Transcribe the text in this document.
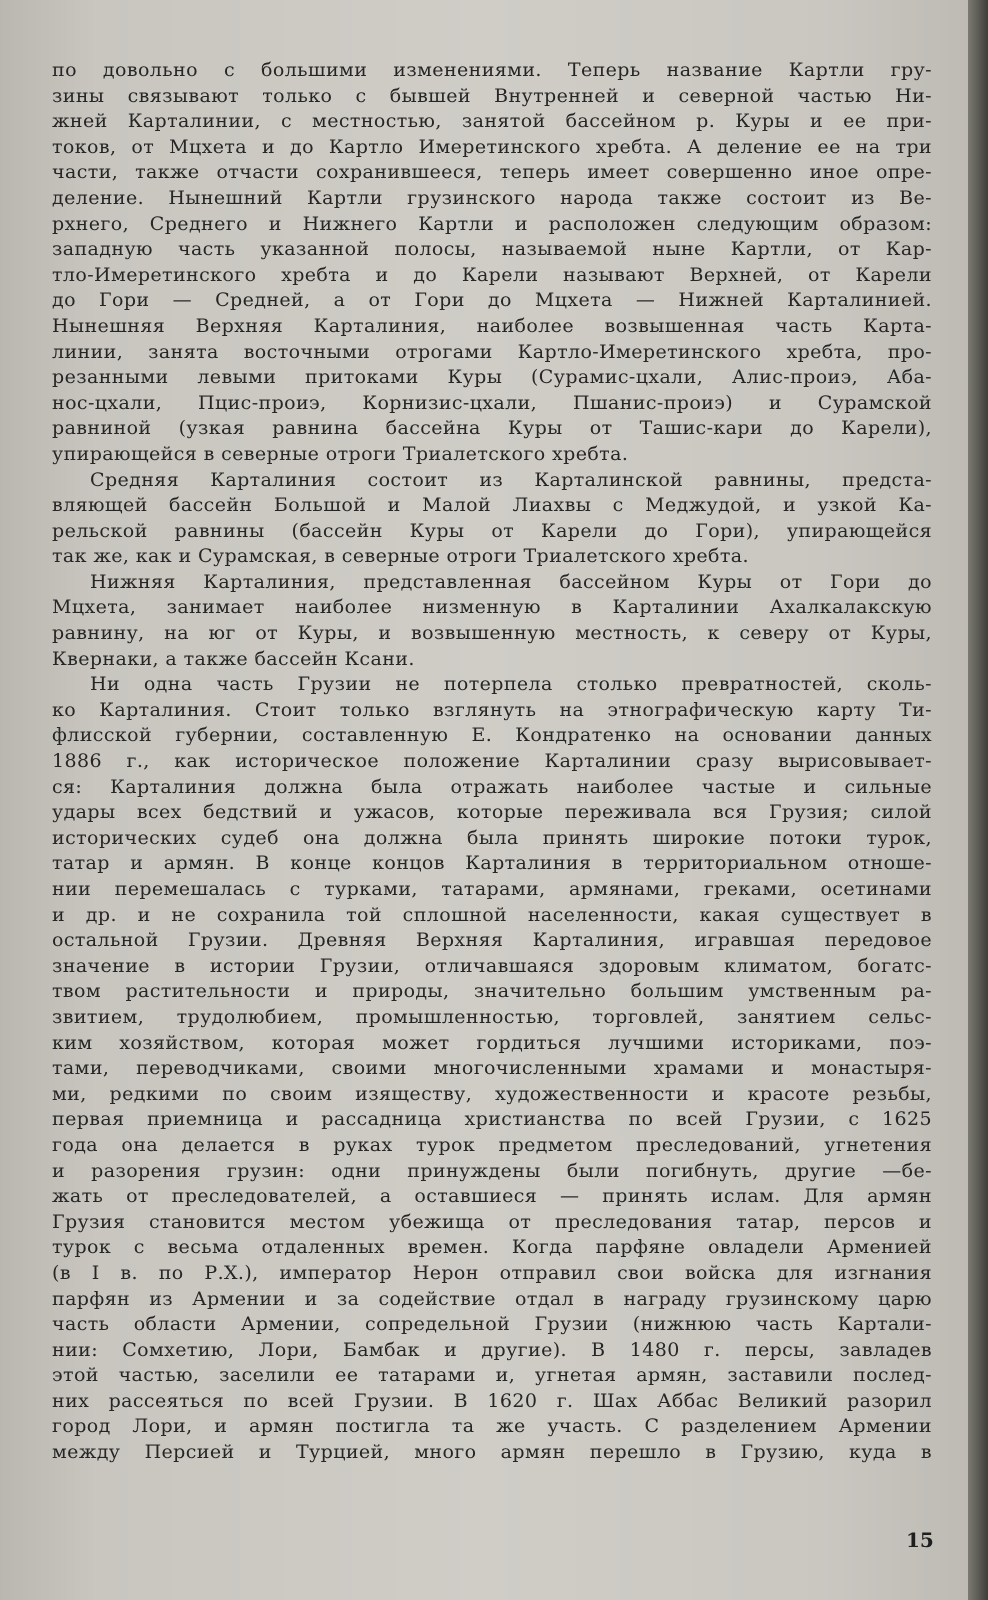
по довольно с большими изменениями. Теперь название Картли гру-
зины связывают только с бывшей Внутренней и северной частью Ни-
жней Карталинии, с местностью, занятой бассейном р. Куры и ее при-
токов, от Мцхета и до Картло Имеретинского хребта. А деление ее на три
части, также отчасти сохранившееся, теперь имеет совершенно иное опре-
деление. Нынешний Картли грузинского народа также состоит из Ве-
рхнего, Среднего и Нижнего Картли и расположен следующим образом:
западную часть указанной полосы, называемой ныне Картли, от Кар-
тло-Имеретинского хребта и до Карели называют Верхней, от Карели
до Гори — Средней, а от Гори до Мцхета — Нижней Карталинией.
Нынешняя Верхняя Карталиния, наиболее возвышенная часть Карта-
линии, занята восточными отрогами Картло-Имеретинского хребта, про-
резанными левыми притоками Куры (Сурамис-цхали, Алис-проиэ, Аба-
нос-цхали, Пцис-проиэ, Корнизис-цхали, Пшанис-проиэ) и Сурамской
равниной (узкая равнина бассейна Куры от Ташис-кари до Карели),
упирающейся в северные отроги Триалетского хребта.
Средняя Карталиния состоит из Карталинской равнины, предста-
вляющей бассейн Большой и Малой Лиахвы с Меджудой, и узкой Ка-
рельской равнины (бассейн Куры от Карели до Гори), упирающейся
так же, как и Сурамская, в северные отроги Триалетского хребта.
Нижняя Карталиния, представленная бассейном Куры от Гори до
Мцхета, занимает наиболее низменную в Карталинии Ахалкалакскую
равнину, на юг от Куры, и возвышенную местность, к северу от Куры,
Квернаки, а также бассейн Ксани.
Ни одна часть Грузии не потерпела столько превратностей, сколь-
ко Карталиния. Стоит только взглянуть на этнографическую карту Ти-
флисской губернии, составленную Е. Кондратенко на основании данных
1886 г., как историческое положение Карталинии сразу вырисовывает-
ся: Карталиния должна была отражать наиболее частые и сильные
удары всех бедствий и ужасов, которые переживала вся Грузия; силой
исторических судеб она должна была принять широкие потоки турок,
татар и армян. В конце концов Карталиния в территориальном отноше-
нии перемешалась с турками, татарами, армянами, греками, осетинами
и др. и не сохранила той сплошной населенности, какая существует в
остальной Грузии. Древняя Верхняя Карталиния, игравшая передовое
значение в истории Грузии, отличавшаяся здоровым климатом, богатс-
твом растительности и природы, значительно большим умственным ра-
звитием, трудолюбием, промышленностью, торговлей, занятием сельс-
ким хозяйством, которая может гордиться лучшими историками, поэ-
тами, переводчиками, своими многочисленными храмами и монастыря-
ми, редкими по своим изяществу, художественности и красоте резьбы,
первая приемница и рассадница христианства по всей Грузии, с 1625
года она делается в руках турок предметом преследований, угнетения
и разорения грузин: одни принуждены были погибнуть, другие —бе-
жать от преследователей, а оставшиеся — принять ислам. Для армян
Грузия становится местом убежища от преследования татар, персов и
турок с весьма отдаленных времен. Когда парфяне овладели Арменией
(в I в. по Р.Х.), император Нерон отправил свои войска для изгнания
парфян из Армении и за содействие отдал в награду грузинскому царю
часть области Армении, сопредельной Грузии (нижнюю часть Картали-
нии: Сомхетию, Лори, Бамбак и другие). В 1480 г. персы, завладев
этой частью, заселили ее татарами и, угнетая армян, заставили послед-
них рассеяться по всей Грузии. В 1620 г. Шах Аббас Великий разорил
город Лори, и армян постигла та же участь. С разделением Армении
между Персией и Турцией, много армян перешло в Грузию, куда в
15
